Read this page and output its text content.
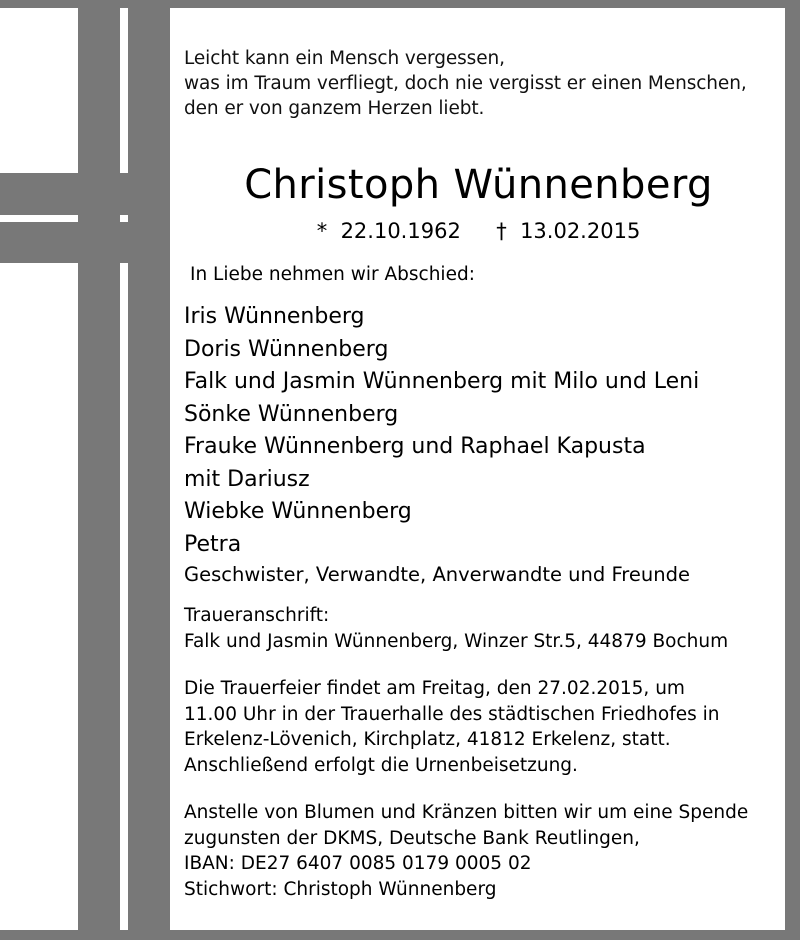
Leicht kann ein Mensch vergessen,
was im Traum verfliegt, doch nie vergisst er einen Menschen,
den er von ganzem Herzen liebt.
Christoph Wünnenberg
* 22.10.1962 † 13.02.2015
In Liebe nehmen wir Abschied:
Iris Wünnenberg
Doris Wünnenberg
Falk und Jasmin Wünnenberg mit Milo und Leni
Sönke Wünnenberg
Frauke Wünnenberg und Raphael Kapusta
mit Dariusz
Wiebke Wünnenberg
Petra
Geschwister, Verwandte, Anverwandte und Freunde
Traueranschrift:
Falk und Jasmin Wünnenberg, Winzer Str.5, 44879 Bochum
Die Trauerfeier findet am Freitag, den 27.02.2015, um
11.00 Uhr in der Trauerhalle des städtischen Friedhofes in
Erkelenz-Lövenich, Kirchplatz, 41812 Erkelenz, statt.
Anschließend erfolgt die Urnenbeisetzung.
Anstelle von Blumen und Kränzen bitten wir um eine Spende
zugunsten der DKMS, Deutsche Bank Reutlingen,
IBAN: DE27 6407 0085 0179 0005 02
Stichwort: Christoph Wünnenberg
